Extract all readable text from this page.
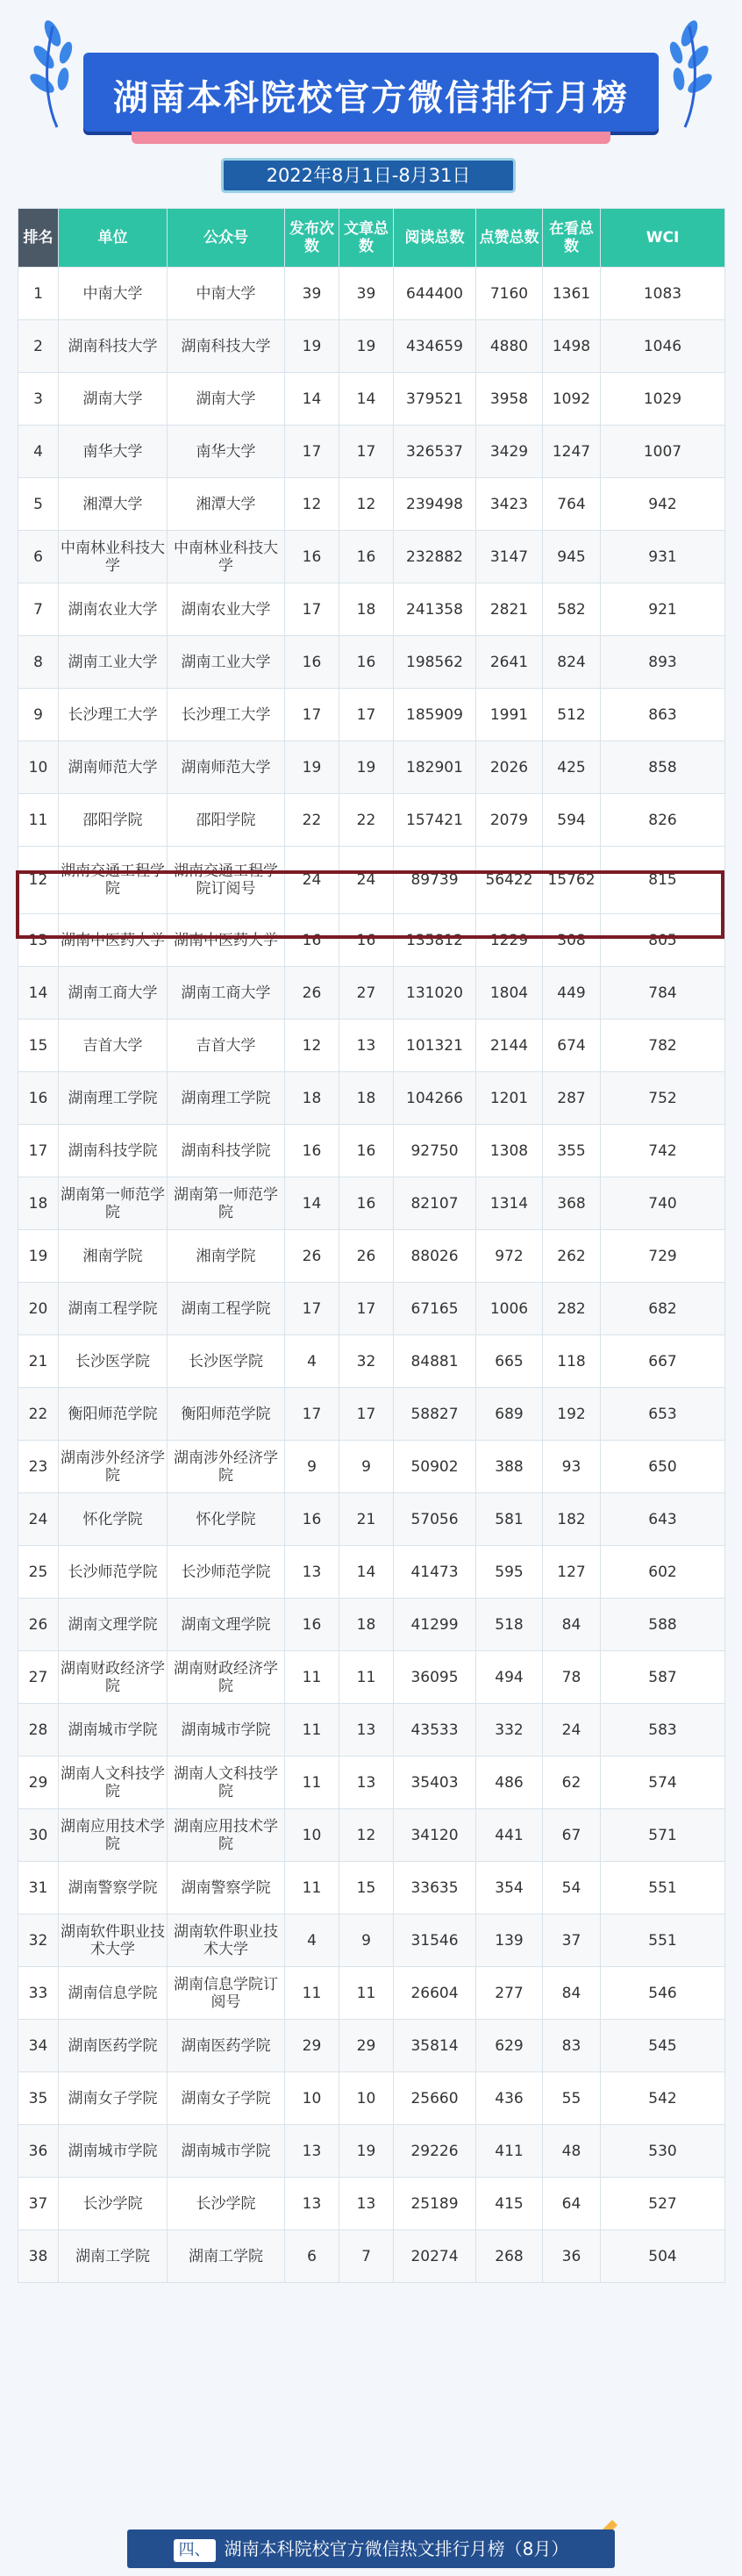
湖南本科院校官方微信排行月榜
2022年8月1日-8月31日
排名	单位	公众号	发布次数	文章总数	阅读总数	点赞总数	在看总数	WCI
1	中南大学	中南大学	39	39	644400	7160	1361	1083
2	湖南科技大学	湖南科技大学	19	19	434659	4880	1498	1046
3	湖南大学	湖南大学	14	14	379521	3958	1092	1029
4	南华大学	南华大学	17	17	326537	3429	1247	1007
5	湘潭大学	湘潭大学	12	12	239498	3423	764	942
6	中南林业科技大学	中南林业科技大学	16	16	232882	3147	945	931
7	湖南农业大学	湖南农业大学	17	18	241358	2821	582	921
8	湖南工业大学	湖南工业大学	16	16	198562	2641	824	893
9	长沙理工大学	长沙理工大学	17	17	185909	1991	512	863
10	湖南师范大学	湖南师范大学	19	19	182901	2026	425	858
11	邵阳学院	邵阳学院	22	22	157421	2079	594	826
12	湖南交通工程学院	湖南交通工程学院订阅号	24	24	89739	56422	15762	815
13	湖南中医药大学	湖南中医药大学	16	16	135812	1229	308	805
14	湖南工商大学	湖南工商大学	26	27	131020	1804	449	784
15	吉首大学	吉首大学	12	13	101321	2144	674	782
16	湖南理工学院	湖南理工学院	18	18	104266	1201	287	752
17	湖南科技学院	湖南科技学院	16	16	92750	1308	355	742
18	湖南第一师范学院	湖南第一师范学院	14	16	82107	1314	368	740
19	湘南学院	湘南学院	26	26	88026	972	262	729
20	湖南工程学院	湖南工程学院	17	17	67165	1006	282	682
21	长沙医学院	长沙医学院	4	32	84881	665	118	667
22	衡阳师范学院	衡阳师范学院	17	17	58827	689	192	653
23	湖南涉外经济学院	湖南涉外经济学院	9	9	50902	388	93	650
24	怀化学院	怀化学院	16	21	57056	581	182	643
25	长沙师范学院	长沙师范学院	13	14	41473	595	127	602
26	湖南文理学院	湖南文理学院	16	18	41299	518	84	588
27	湖南财政经济学院	湖南财政经济学院	11	11	36095	494	78	587
28	湖南城市学院	湖南城市学院	11	13	43533	332	24	583
29	湖南人文科技学院	湖南人文科技学院	11	13	35403	486	62	574
30	湖南应用技术学院	湖南应用技术学院	10	12	34120	441	67	571
31	湖南警察学院	湖南警察学院	11	15	33635	354	54	551
32	湖南软件职业技术大学	湖南软件职业技术大学	4	9	31546	139	37	551
33	湖南信息学院	湖南信息学院订阅号	11	11	26604	277	84	546
34	湖南医药学院	湖南医药学院	29	29	35814	629	83	545
35	湖南女子学院	湖南女子学院	10	10	25660	436	55	542
36	湖南城市学院	湖南城市学院	13	19	29226	411	48	530
37	长沙学院	长沙学院	13	13	25189	415	64	527
38	湖南工学院	湖南工学院	6	7	20274	268	36	504
四、 湖南本科院校官方微信热文排行月榜（8月）
